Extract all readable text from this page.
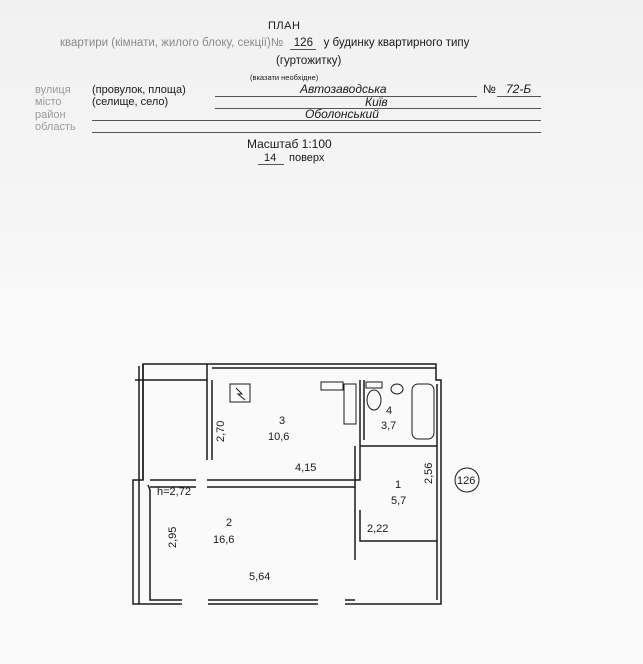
ПЛАН
квартири (кімнати, жилого блоку, секції)№ 126 у будинку квартирного типу
(гуртожитку)
(вказати необхідне)
вулиця (провулок, площа)	Автозаводська	№ 72-Б
місто	(селище, село)	Київ
район	Оболонський
область
Масштаб 1:100
14 поверх
3
10,6
4
3,7
1
5,7
2
16,6
2,70
4,15	2,56
2,22
2,95
5,64
h=2,72
126
